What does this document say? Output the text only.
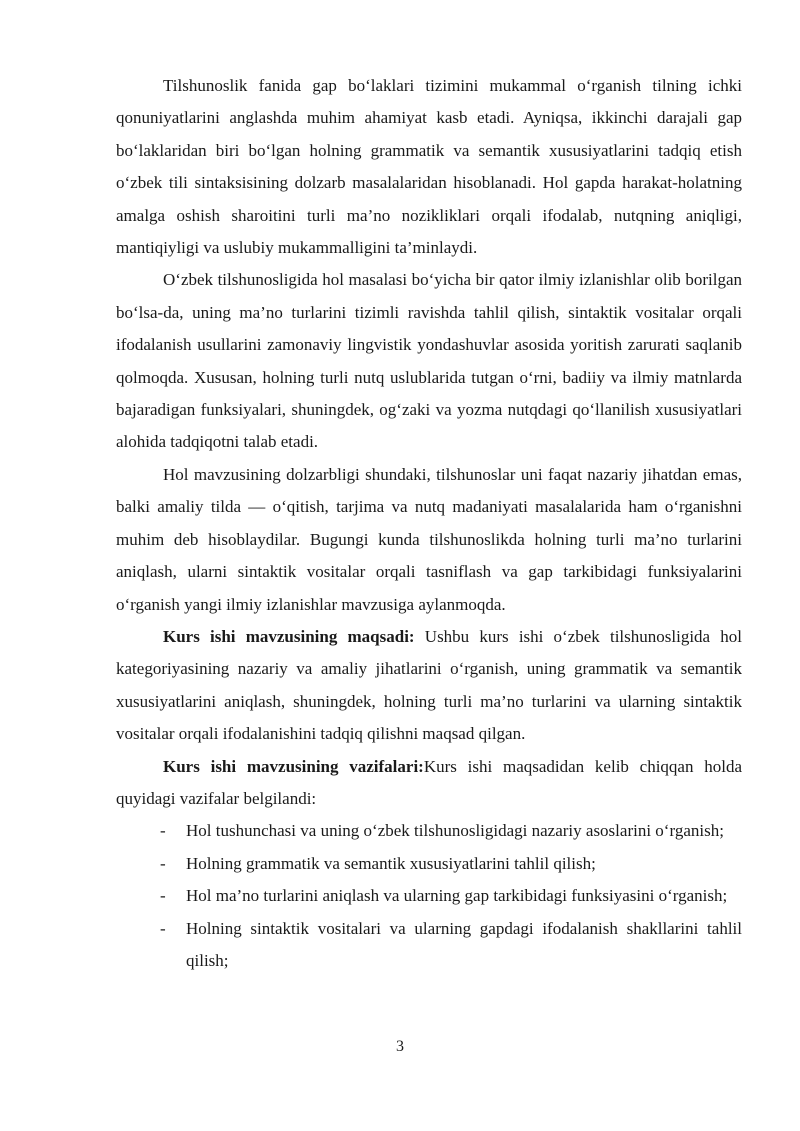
Tilshunoslik fanida gap bo‘laklari tizimini mukammal o‘rganish tilning ichki qonuniyatlarini anglashda muhim ahamiyat kasb etadi. Ayniqsa, ikkinchi darajali gap bo‘laklaridan biri bo‘lgan holning grammatik va semantik xususiyatlarini tadqiq etish o‘zbek tili sintaksisining dolzarb masalalaridan hisoblanadi. Hol gapda harakat-holatning amalga oshish sharoitini turli ma’no nozikliklari orqali ifodalab, nutqning aniqligi, mantiqiyligi va uslubiy mukammalligini ta’minlaydi.

O‘zbek tilshunosligida hol masalasi bo‘yicha bir qator ilmiy izlanishlar olib borilgan bo‘lsa-da, uning ma’no turlarini tizimli ravishda tahlil qilish, sintaktik vositalar orqali ifodalanish usullarini zamonaviy lingvistik yondashuvlar asosida yoritish zarurati saqlanib qolmoqda. Xususan, holning turli nutq uslublarida tutgan o‘rni, badiiy va ilmiy matnlarda bajaradigan funksiyalari, shuningdek, og‘zaki va yozma nutqdagi qo‘llanilish xususiyatlari alohida tadqiqotni talab etadi.

Hol mavzusining dolzarbligi shundaki, tilshunoslar uni faqat nazariy jihatdan emas, balki amaliy tilda — o‘qitish, tarjima va nutq madaniyati masalalarida ham o‘rganishni muhim deb hisoblaydilar. Bugungi kunda tilshunoslikda holning turli ma’no turlarini aniqlash, ularni sintaktik vositalar orqali tasniflash va gap tarkibidagi funksiyalarini o‘rganish yangi ilmiy izlanishlar mavzusiga aylanmoqda.

Kurs ishi mavzusining maqsadi: Ushbu kurs ishi o‘zbek tilshunosligida hol kategoriyasining nazariy va amaliy jihatlarini o‘rganish, uning grammatik va semantik xususiyatlarini aniqlash, shuningdek, holning turli ma’no turlarini va ularning sintaktik vositalar orqali ifodalanishini tadqiq qilishni maqsad qilgan.

Kurs ishi mavzusining vazifalari:Kurs ishi maqsadidan kelib chiqqan holda quyidagi vazifalar belgilandi:

- Hol tushunchasi va uning o‘zbek tilshunosligidagi nazariy asoslarini o‘rganish;
- Holning grammatik va semantik xususiyatlarini tahlil qilish;
- Hol ma’no turlarini aniqlash va ularning gap tarkibidagi funksiyasini o‘rganish;
- Holning sintaktik vositalari va ularning gapdagi ifodalanish shakllarini tahlil qilish;
3
